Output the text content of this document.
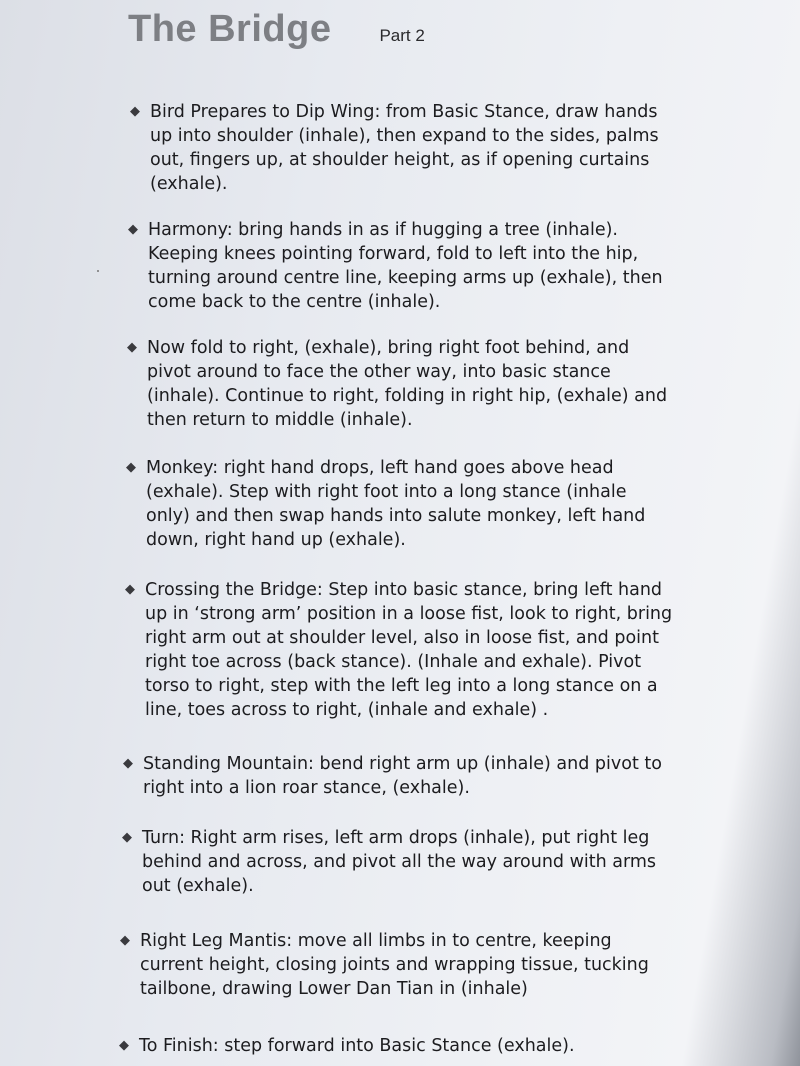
The Bridge	Part 2
◆ Bird Prepares to Dip Wing: from Basic Stance, draw hands
up into shoulder (inhale), then expand to the sides, palms
out, fingers up, at shoulder height, as if opening curtains
(exhale).
◆ Harmony: bring hands in as if hugging a tree (inhale).
Keeping knees pointing forward, fold to left into the hip,
turning around centre line, keeping arms up (exhale), then
come back to the centre (inhale).
◆ Now fold to right, (exhale), bring right foot behind, and
pivot around to face the other way, into basic stance
(inhale). Continue to right, folding in right hip, (exhale) and
then return to middle (inhale).
◆ Monkey: right hand drops, left hand goes above head
(exhale). Step with right foot into a long stance (inhale
only) and then swap hands into salute monkey, left hand
down, right hand up (exhale).
◆ Crossing the Bridge: Step into basic stance, bring left hand
up in ‘strong arm’ position in a loose fist, look to right, bring
right arm out at shoulder level, also in loose fist, and point
right toe across (back stance). (Inhale and exhale). Pivot
torso to right, step with the left leg into a long stance on a
line, toes across to right, (inhale and exhale) .
◆ Standing Mountain: bend right arm up (inhale) and pivot to
right into a lion roar stance, (exhale).
◆ Turn: Right arm rises, left arm drops (inhale), put right leg
behind and across, and pivot all the way around with arms
out (exhale).
◆ Right Leg Mantis: move all limbs in to centre, keeping
current height, closing joints and wrapping tissue, tucking
tailbone, drawing Lower Dan Tian in (inhale)
◆ To Finish: step forward into Basic Stance (exhale).
